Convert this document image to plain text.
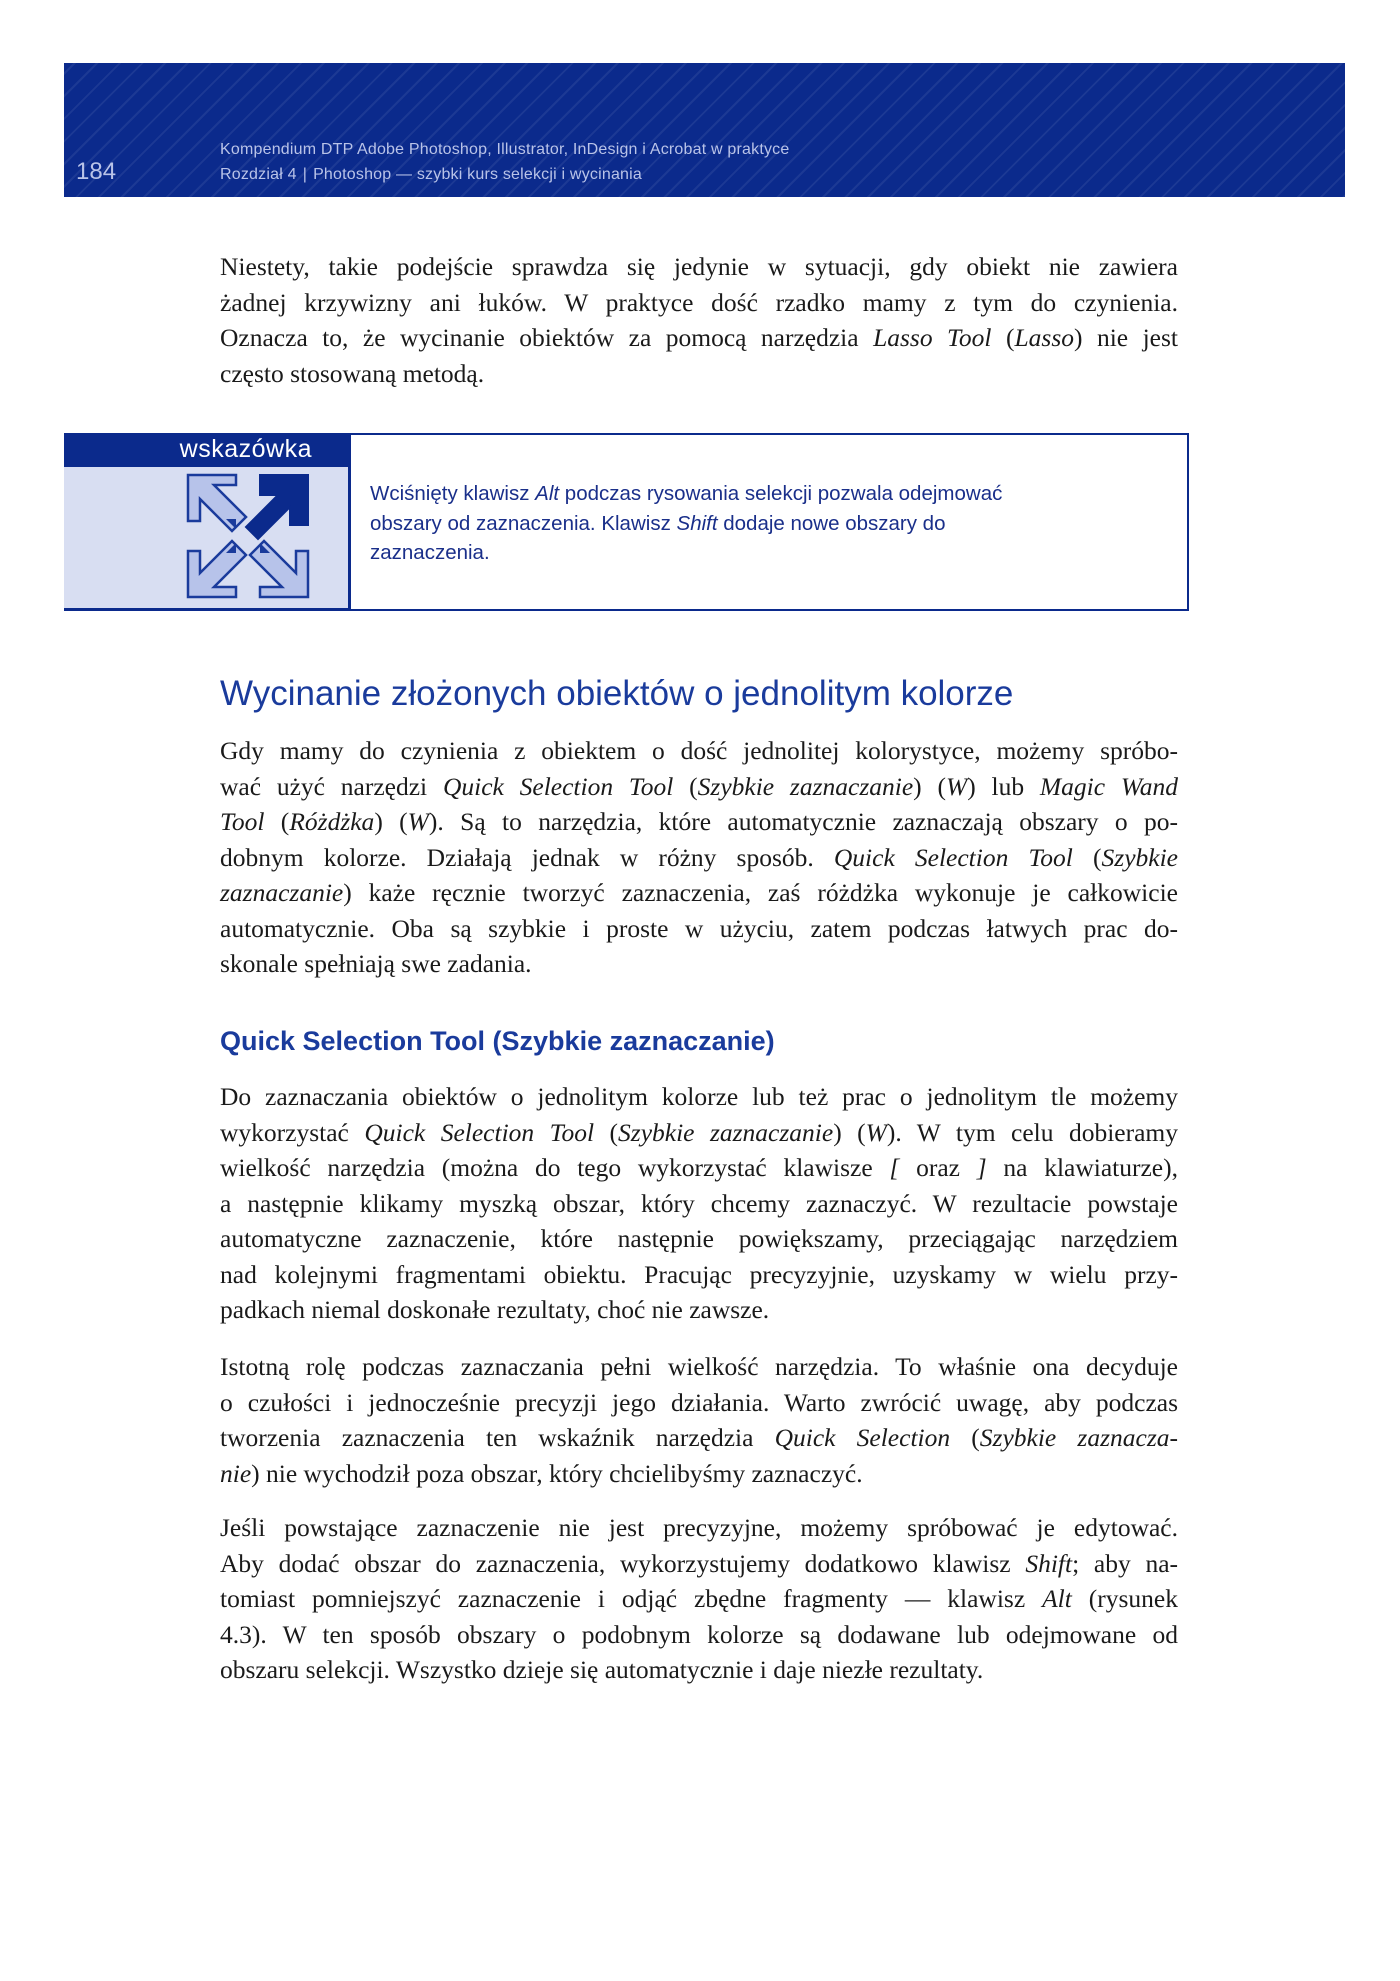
184
Kompendium DTP Adobe Photoshop, Illustrator, InDesign i Acrobat w praktyce
Rozdział 4 | Photoshop — szybki kurs selekcji i wycinania

Niestety, takie podejście sprawdza się jedynie w sytuacji, gdy obiekt nie zawiera
żadnej krzywizny ani łuków. W praktyce dość rzadko mamy z tym do czynienia.
Oznacza to, że wycinanie obiektów za pomocą narzędzia Lasso Tool (Lasso) nie jest
często stosowaną metodą.

wskazówka

Wciśnięty klawisz Alt podczas rysowania selekcji pozwala odejmować
obszary od zaznaczenia. Klawisz Shift dodaje nowe obszary do
zaznaczenia.

Wycinanie złożonych obiektów o jednolitym kolorze

Gdy mamy do czynienia z obiektem o dość jednolitej kolorystyce, możemy spróbo-
wać użyć narzędzi Quick Selection Tool (Szybkie zaznaczanie) (W) lub Magic Wand
Tool (Różdżka) (W). Są to narzędzia, które automatycznie zaznaczają obszary o po-
dobnym kolorze. Działają jednak w różny sposób. Quick Selection Tool (Szybkie
zaznaczanie) każe ręcznie tworzyć zaznaczenia, zaś różdżka wykonuje je całkowicie
automatycznie. Oba są szybkie i proste w użyciu, zatem podczas łatwych prac do-
skonale spełniają swe zadania.

Quick Selection Tool (Szybkie zaznaczanie)

Do zaznaczania obiektów o jednolitym kolorze lub też prac o jednolitym tle możemy
wykorzystać Quick Selection Tool (Szybkie zaznaczanie) (W). W tym celu dobieramy
wielkość narzędzia (można do tego wykorzystać klawisze [ oraz ] na klawiaturze),
a następnie klikamy myszką obszar, który chcemy zaznaczyć. W rezultacie powstaje
automatyczne zaznaczenie, które następnie powiększamy, przeciągając narzędziem
nad kolejnymi fragmentami obiektu. Pracując precyzyjnie, uzyskamy w wielu przy-
padkach niemal doskonałe rezultaty, choć nie zawsze.

Istotną rolę podczas zaznaczania pełni wielkość narzędzia. To właśnie ona decyduje
o czułości i jednocześnie precyzji jego działania. Warto zwrócić uwagę, aby podczas
tworzenia zaznaczenia ten wskaźnik narzędzia Quick Selection (Szybkie zaznacza-
nie) nie wychodził poza obszar, który chcielibyśmy zaznaczyć.

Jeśli powstające zaznaczenie nie jest precyzyjne, możemy spróbować je edytować.
Aby dodać obszar do zaznaczenia, wykorzystujemy dodatkowo klawisz Shift; aby na-
tomiast pomniejszyć zaznaczenie i odjąć zbędne fragmenty — klawisz Alt (rysunek
4.3). W ten sposób obszary o podobnym kolorze są dodawane lub odejmowane od
obszaru selekcji. Wszystko dzieje się automatycznie i daje niezłe rezultaty.
